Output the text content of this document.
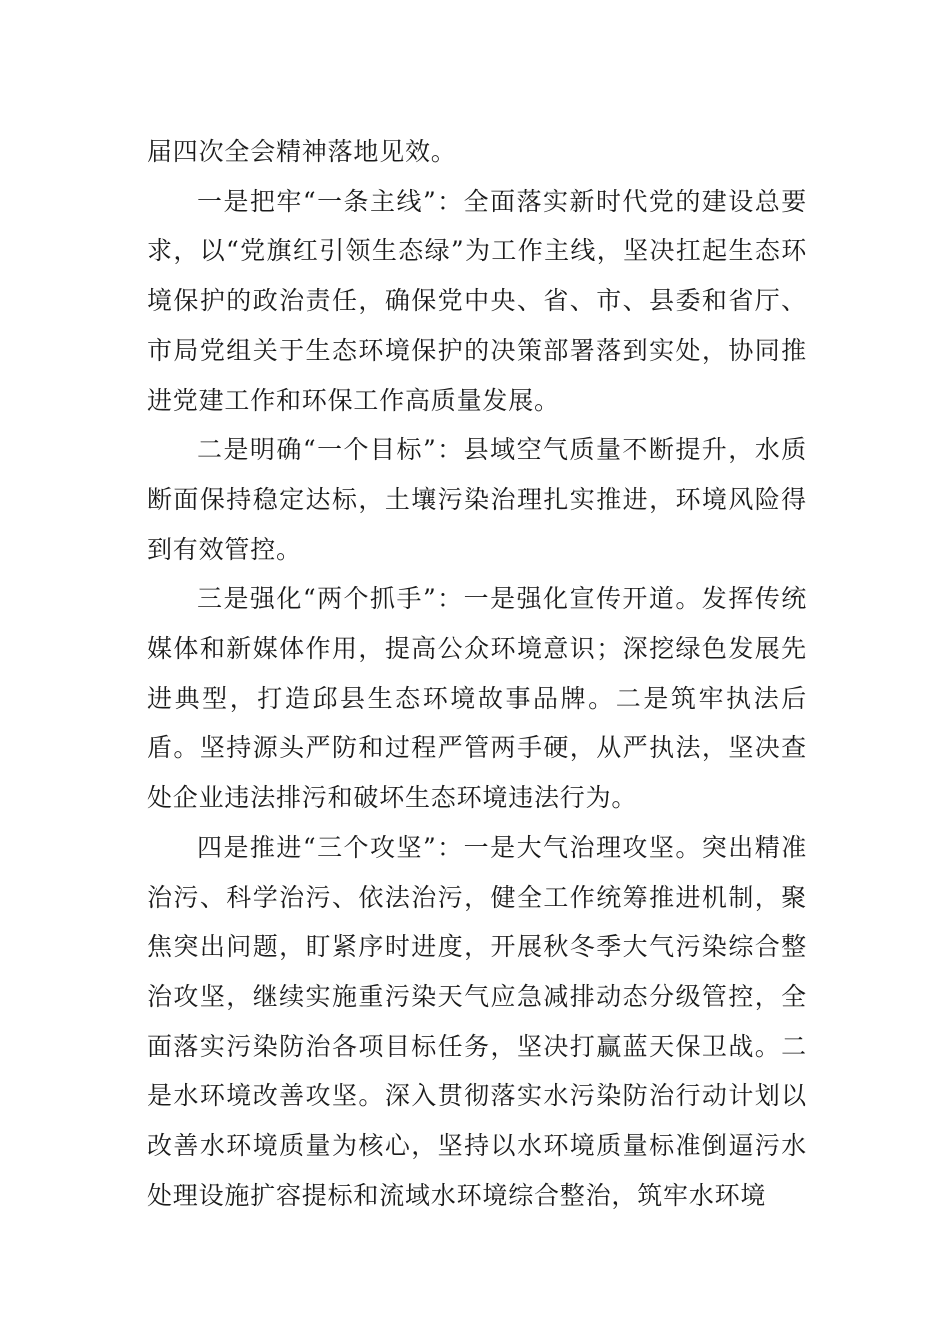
届四次全会精神落地见效。

一是把牢“一条主线”：全面落实新时代党的建设总要求，以“党旗红引领生态绿”为工作主线，坚决扛起生态环境保护的政治责任，确保党中央、省、市、县委和省厅、市局党组关于生态环境保护的决策部署落到实处，协同推进党建工作和环保工作高质量发展。

二是明确“一个目标”：县域空气质量不断提升，水质断面保持稳定达标，土壤污染治理扎实推进，环境风险得到有效管控。

三是强化“两个抓手”：一是强化宣传开道。发挥传统媒体和新媒体作用，提高公众环境意识；深挖绿色发展先进典型，打造邱县生态环境故事品牌。二是筑牢执法后盾。坚持源头严防和过程严管两手硬，从严执法，坚决查处企业违法排污和破坏生态环境违法行为。

四是推进“三个攻坚”：一是大气治理攻坚。突出精准治污、科学治污、依法治污，健全工作统筹推进机制，聚焦突出问题，盯紧序时进度，开展秋冬季大气污染综合整治攻坚，继续实施重污染天气应急减排动态分级管控，全面落实污染防治各项目标任务，坚决打赢蓝天保卫战。二是水环境改善攻坚。深入贯彻落实水污染防治行动计划以改善水环境质量为核心，坚持以水环境质量标准倒逼污水处理设施扩容提标和流域水环境综合整治，筑牢水环境
